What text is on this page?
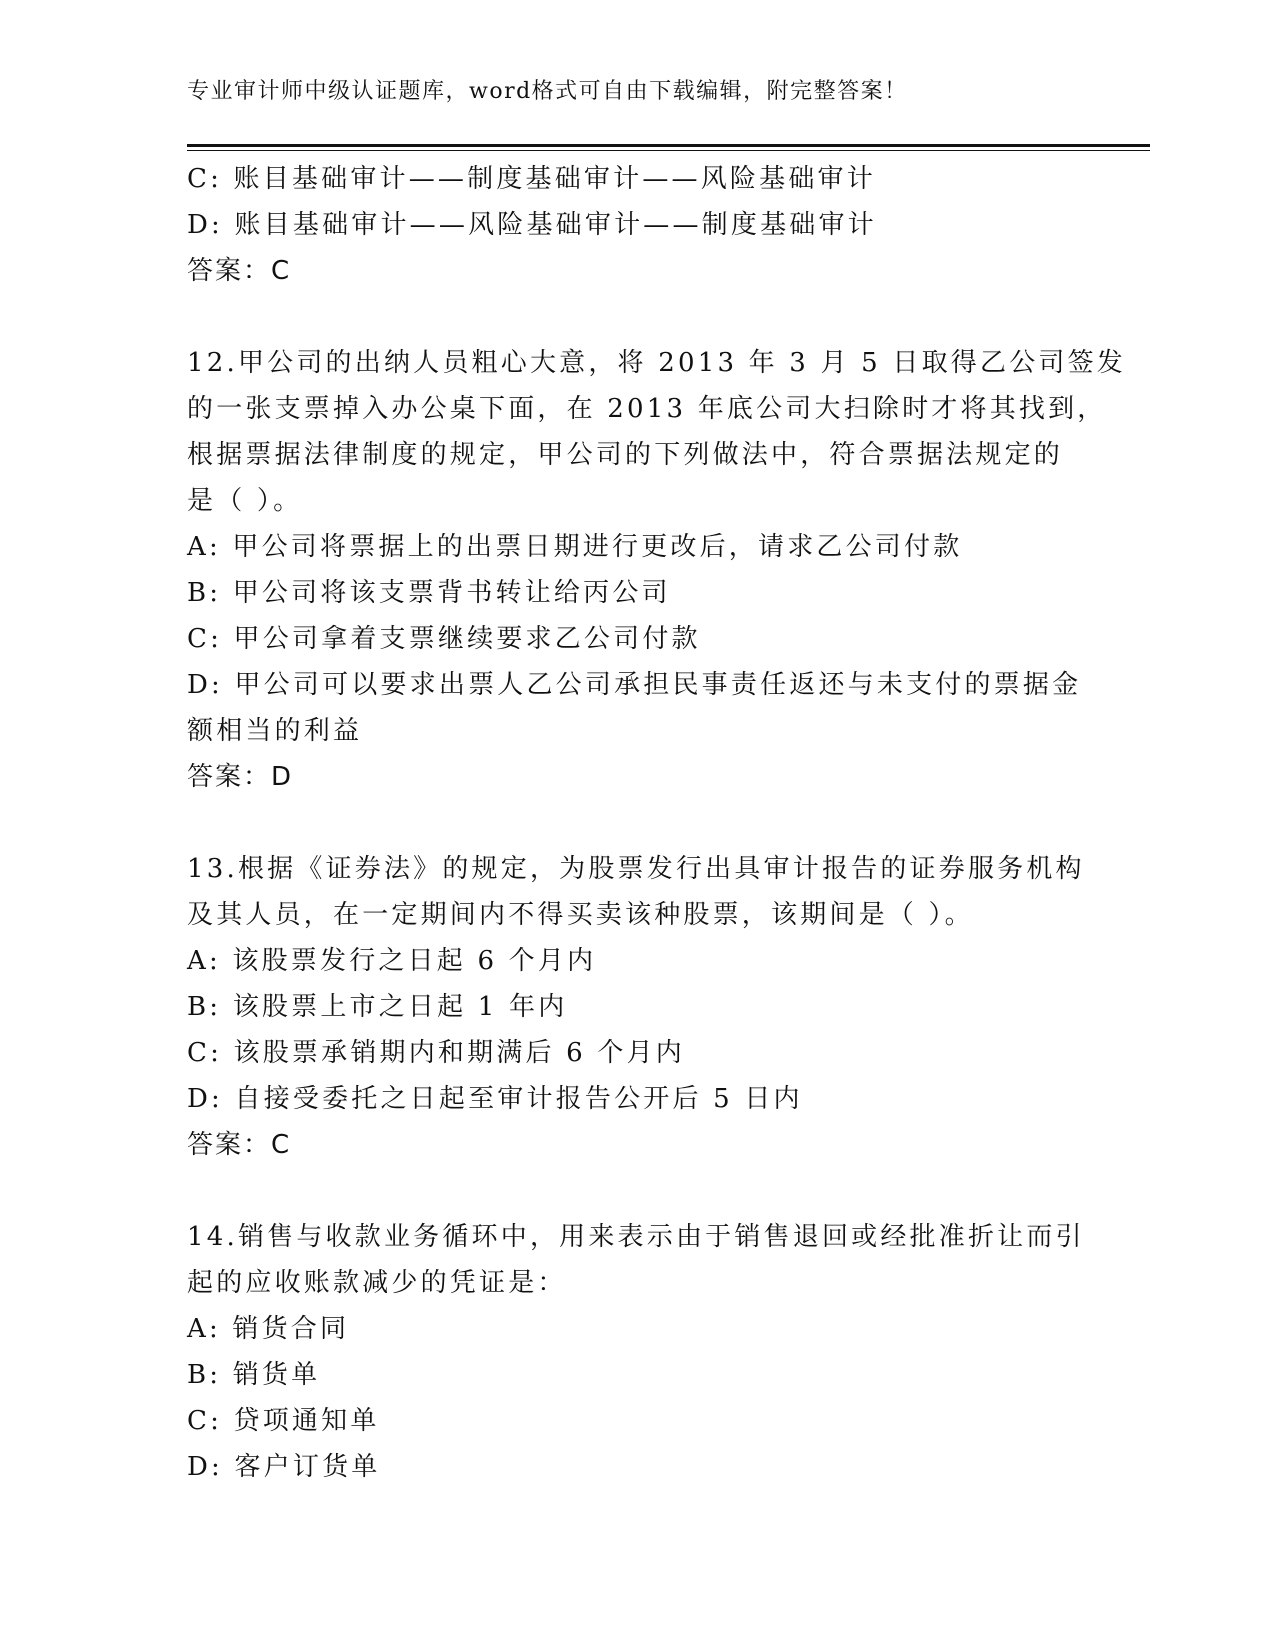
专业审计师中级认证题库，word格式可自由下载编辑，附完整答案！
C: 账目基础审计——制度基础审计——风险基础审计
D: 账目基础审计——风险基础审计——制度基础审计
答案：C
12.甲公司的出纳人员粗心大意，将 2013 年 3 月 5 日取得乙公司签发
的一张支票掉入办公桌下面，在 2013 年底公司大扫除时才将其找到，
根据票据法律制度的规定，甲公司的下列做法中，符合票据法规定的
是（ ）。
A: 甲公司将票据上的出票日期进行更改后，请求乙公司付款
B: 甲公司将该支票背书转让给丙公司
C: 甲公司拿着支票继续要求乙公司付款
D: 甲公司可以要求出票人乙公司承担民事责任返还与未支付的票据金
额相当的利益
答案：D
13.根据《证券法》的规定，为股票发行出具审计报告的证券服务机构
及其人员，在一定期间内不得买卖该种股票，该期间是（ ）。
A: 该股票发行之日起 6 个月内
B: 该股票上市之日起 1 年内
C: 该股票承销期内和期满后 6 个月内
D: 自接受委托之日起至审计报告公开后 5 日内
答案：C
14.销售与收款业务循环中，用来表示由于销售退回或经批准折让而引
起的应收账款减少的凭证是：
A: 销货合同
B: 销货单
C: 贷项通知单
D: 客户订货单
